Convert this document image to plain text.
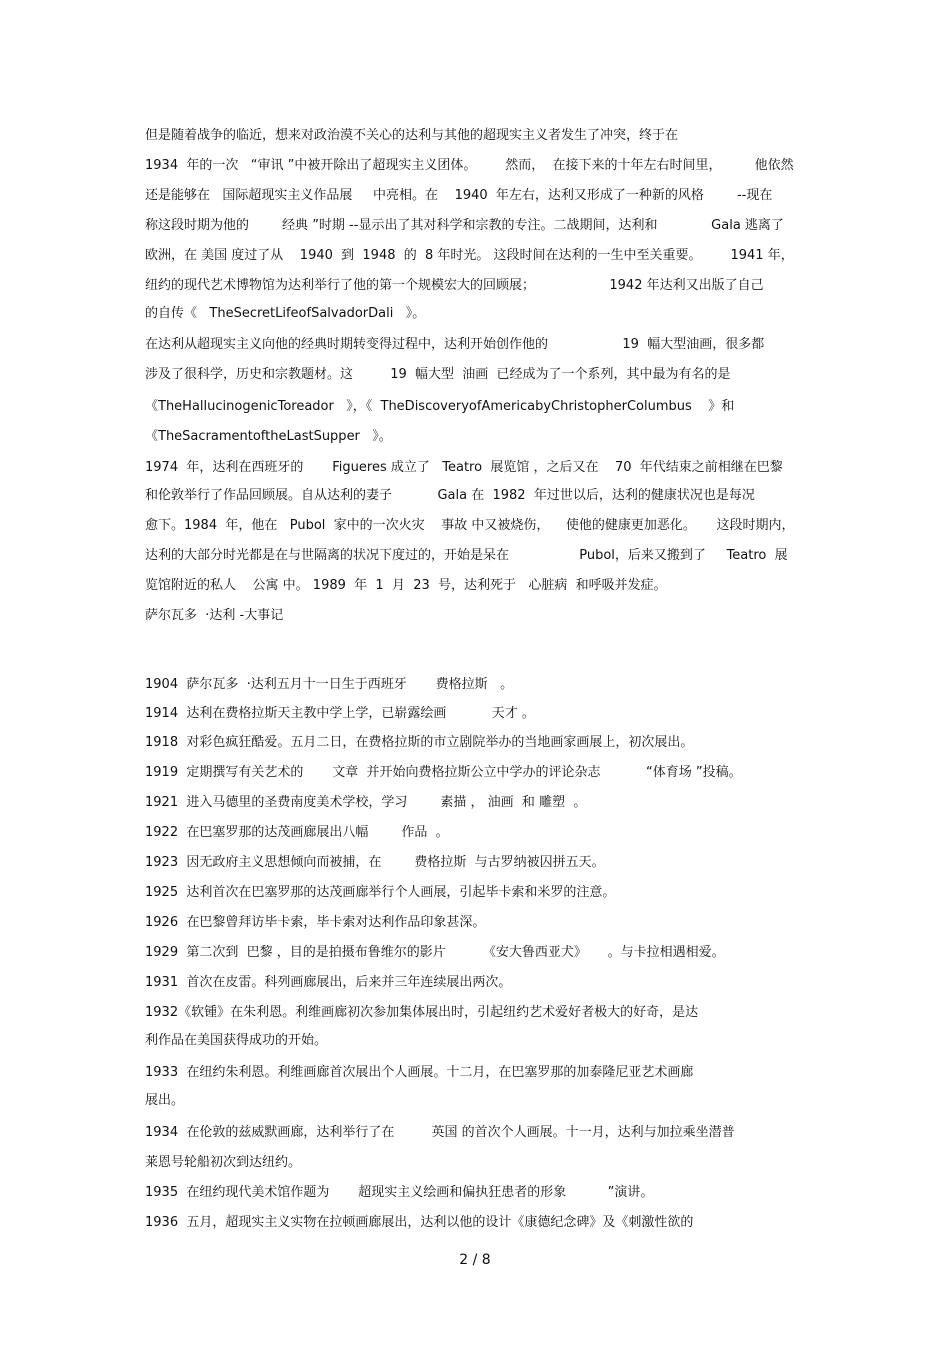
但是随着战争的临近，想来对政治漠不关心的达利与其他的超现实主义者发生了冲突，终于在
1934  年的一次   “审讯 ”中被开除出了超现实主义团体。       然而，  在接下来的十年左右时间里，        他依然
还是能够在   国际超现实主义作品展     中亮相。在    1940  年左右，达利又形成了一种新的风格        --现在
称这段时期为他的        经典 ”时期 --显示出了其对科学和宗教的专注。二战期间，达利和             Gala 逃离了
欧洲，在 美国 度过了从    1940  到  1948  的  8 年时光。 这段时间在达利的一生中至关重要。       1941 年，
纽约的现代艺术博物馆为达利举行了他的第一个规模宏大的回顾展；                  1942 年达利又出版了自己
的自传《   TheSecretLifeofSalvadorDali   》。
在达利从超现实主义向他的经典时期转变得过程中，达利开始创作他的                  19  幅大型油画，很多都
涉及了很科学，历史和宗教题材。这         19  幅大型  油画  已经成为了一个系列，其中最为有名的是
《TheHallucinogenicToreador   》，《  TheDiscoveryofAmericabyChristopherColumbus    》和
《TheSacramentoftheLastSupper   》。
1974  年，达利在西班牙的       Figueres 成立了   Teatro  展览馆 ，之后又在    70  年代结束之前相继在巴黎
和伦敦举行了作品回顾展。自从达利的妻子           Gala 在  1982  年过世以后，达利的健康状况也是每况
愈下。1984  年，他在   Pubol  家中的一次火灾    事故 中又被烧伤，    使他的健康更加恶化。     这段时期内，
达利的大部分时光都是在与世隔离的状况下度过的，开始是呆在                 Pubol，后来又搬到了     Teatro  展
览馆附近的私人    公寓 中。 1989  年  1  月  23  号，达利死于   心脏病  和呼吸并发症。
萨尔瓦多  ·达利 -大事记
1904  萨尔瓦多  ·达利五月十一日生于西班牙       费格拉斯   。
1914  达利在费格拉斯天主教中学上学，已崭露绘画           天才 。
1918  对彩色疯狂酷爱。五月二日，在费格拉斯的市立剧院举办的当地画家画展上，初次展出。
1919  定期撰写有关艺术的       文章  并开始向费格拉斯公立中学办的评论杂志           “体育场 ”投稿。
1921  进入马德里的圣费南度美术学校，学习        素描 ， 油画  和 雕塑  。
1922  在巴塞罗那的达茂画廊展出八幅        作品  。
1923  因无政府主义思想倾向而被捕，在        费格拉斯  与古罗纳被囚拼五天。
1925  达利首次在巴塞罗那的达茂画廊举行个人画展，引起毕卡索和米罗的注意。
1926  在巴黎曾拜访毕卡索，毕卡索对达利作品印象甚深。
1929  第二次到  巴黎 ，目的是拍摄布鲁维尔的影片         《安大鲁西亚犬》     。与卡拉相遇相爱。
1931  首次在皮雷。科列画廊展出，后来并三年连续展出两次。
1932《软锺》在朱利恩。利维画廊初次参加集体展出时，引起纽约艺术爱好者极大的好奇，是达
利作品在美国获得成功的开始。
1933  在纽约朱利恩。利维画廊首次展出个人画展。十二月，在巴塞罗那的加泰隆尼亚艺术画廊
展出。
1934  在伦敦的兹威默画廊，达利举行了在         英国 的首次个人画展。十一月，达利与加拉乘坐潜普
莱恩号轮船初次到达纽约。
1935  在纽约现代美术馆作题为       超现实主义绘画和偏执狂患者的形象          ”演讲。
1936  五月，超现实主义实物在拉顿画廊展出，达利以他的设计《康德纪念碑》及《刺激性欲的
2 / 8
